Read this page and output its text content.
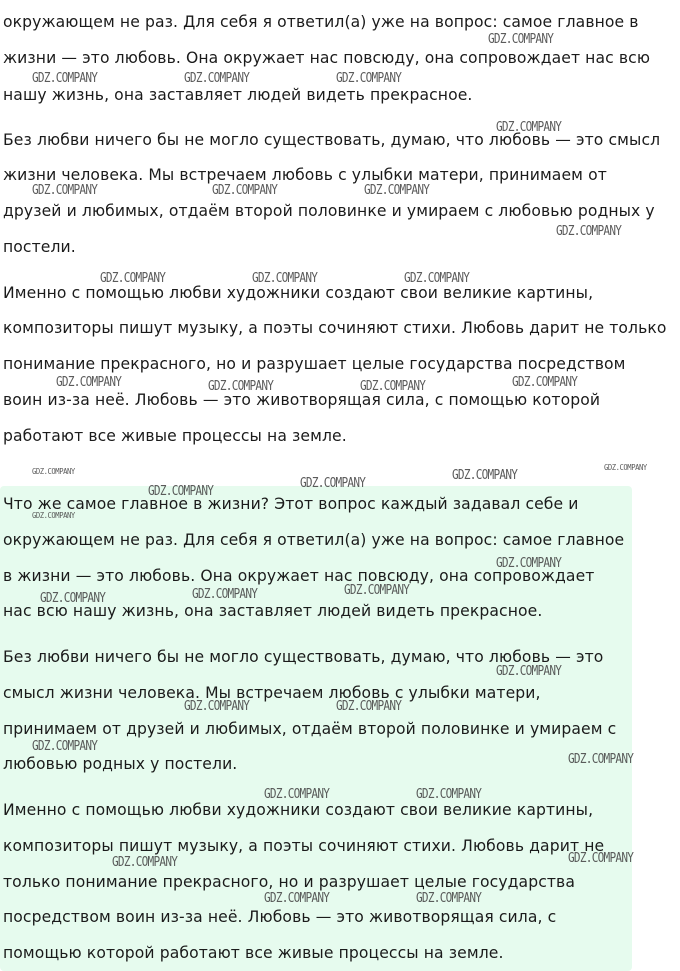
окружающем не раз. Для себя я ответил(а) уже на вопрос: самое главное в
жизни — это любовь. Она окружает нас повсюду, она сопровождает нас всю
нашу жизнь, она заставляет людей видеть прекрасное.
Без любви ничего бы не могло существовать, думаю, что любовь — это смысл
жизни человека. Мы встречаем любовь с улыбки матери, принимаем от
друзей и любимых, отдаём второй половинке и умираем с любовью родных у
постели.
Именно с помощью любви художники создают свои великие картины,
композиторы пишут музыку, а поэты сочиняют стихи. Любовь дарит не только
понимание прекрасного, но и разрушает целые государства посредством
воин из-за неё. Любовь — это животворящая сила, с помощью которой
работают все живые процессы на земле.
Что же самое главное в жизни? Этот вопрос каждый задавал себе и
окружающем не раз. Для себя я ответил(а) уже на вопрос: самое главное
в жизни — это любовь. Она окружает нас повсюду, она сопровождает
нас всю нашу жизнь, она заставляет людей видеть прекрасное.
Без любви ничего бы не могло существовать, думаю, что любовь — это
смысл жизни человека. Мы встречаем любовь с улыбки матери,
принимаем от друзей и любимых, отдаём второй половинке и умираем с
любовью родных у постели.
Именно с помощью любви художники создают свои великие картины,
композиторы пишут музыку, а поэты сочиняют стихи. Любовь дарит не
только понимание прекрасного, но и разрушает целые государства
посредством воин из-за неё. Любовь — это животворящая сила, с
помощью которой работают все живые процессы на земле.
GDZ.COMPANY
GDZ.COMPANY	GDZ.COMPANY	GDZ.COMPANY
GDZ.COMPANY
GDZ.COMPANY	GDZ.COMPANY	GDZ.COMPANY
GDZ.COMPANY
GDZ.COMPANY	GDZ.COMPANY	GDZ.COMPANY
GDZ.COMPANY	GDZ.COMPANY	GDZ.COMPANY	GDZ.COMPANY
GDZ.COMPANY
GDZ.COMPANY	GDZ.COMPANY	GDZ.COMPANY
GDZ.COMPANY
GDZ.COMPANY
GDZ.COMPANY
GDZ.COMPANY	GDZ.COMPANY	GDZ.COMPANY
GDZ.COMPANY
GDZ.COMPANY	GDZ.COMPANY
GDZ.COMPANY
GDZ.COMPANY
GDZ.COMPANY	GDZ.COMPANY
GDZ.COMPANY
GDZ.COMPANY
GDZ.COMPANY	GDZ.COMPANY
